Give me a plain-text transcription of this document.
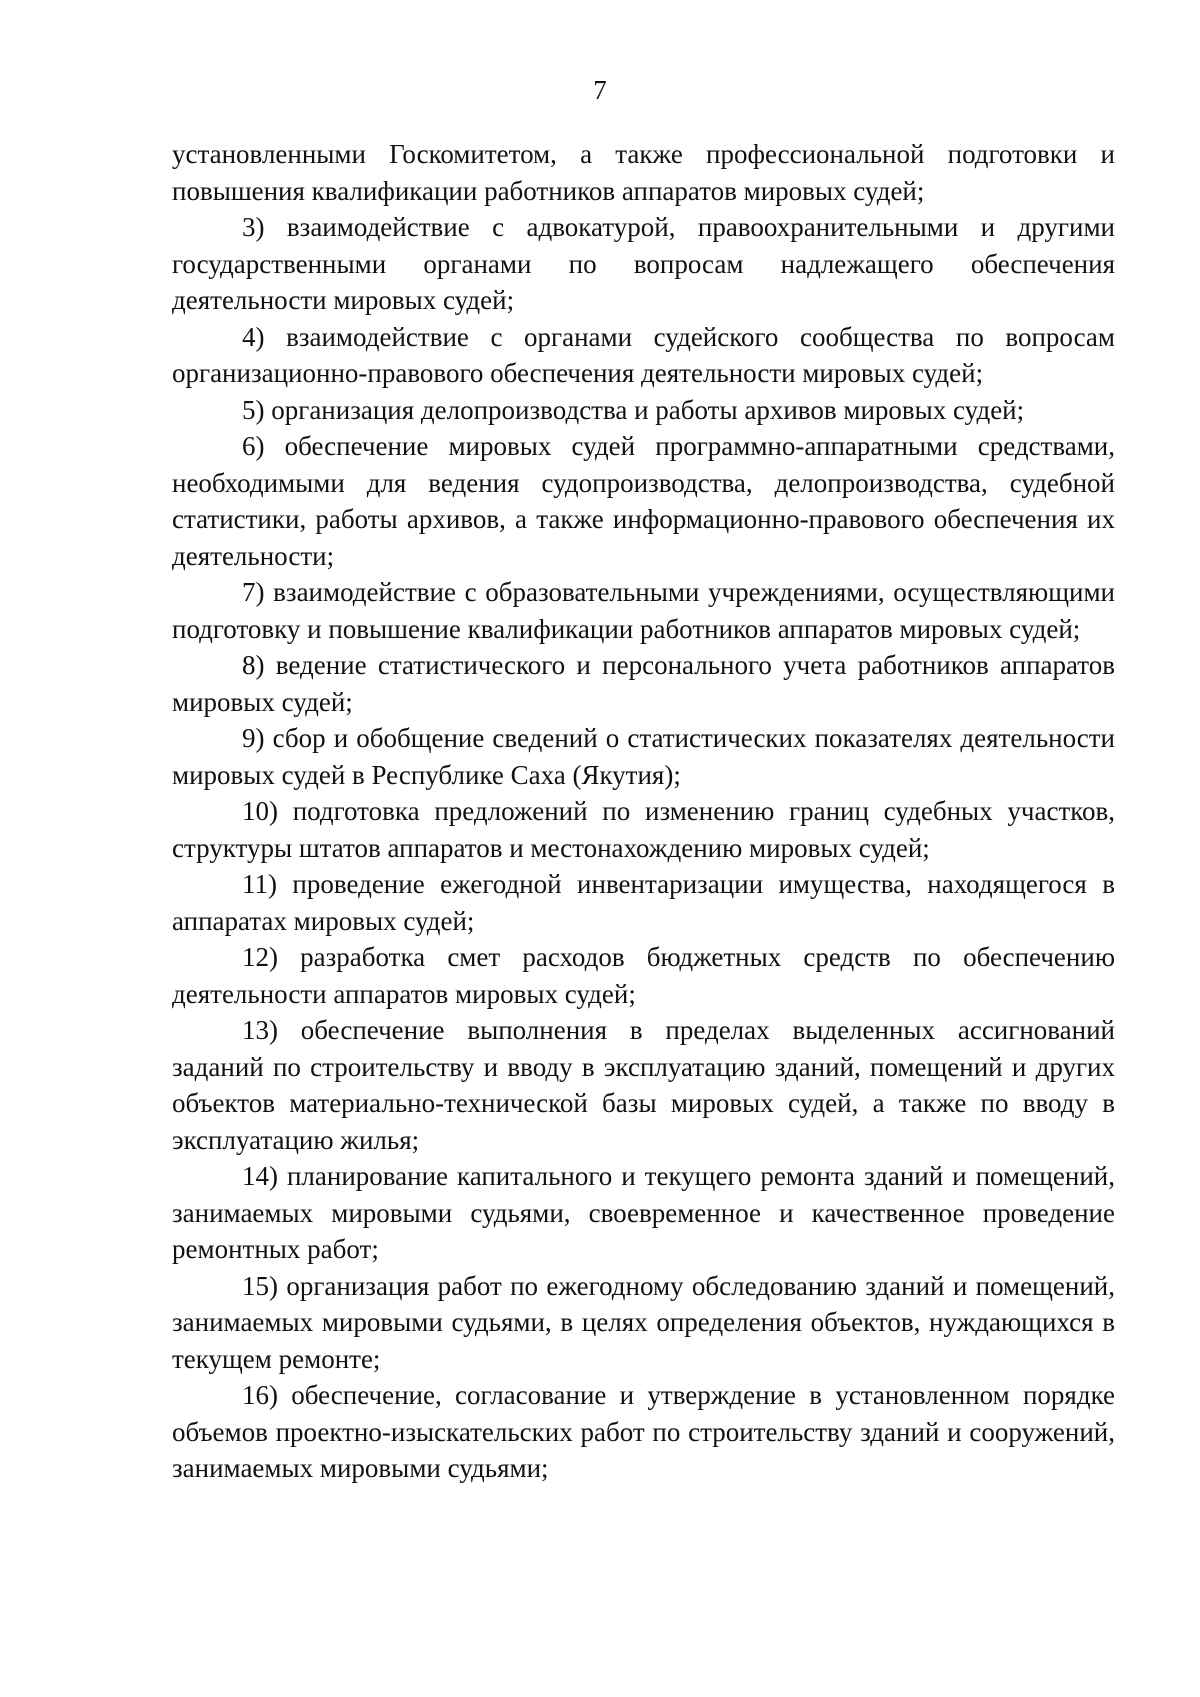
7

установленными Госкомитетом, а также профессиональной подготовки и повышения квалификации работников аппаратов мировых судей;

3) взаимодействие с адвокатурой, правоохранительными и другими государственными органами по вопросам надлежащего обеспечения деятельности мировых судей;

4) взаимодействие с органами судейского сообщества по вопросам организационно-правового обеспечения деятельности мировых судей;

5) организация делопроизводства и работы архивов мировых судей;

6) обеспечение мировых судей программно-аппаратными средствами, необходимыми для ведения судопроизводства, делопроизводства, судебной статистики, работы архивов, а также информационно-правового обеспечения их деятельности;

7) взаимодействие с образовательными учреждениями, осуществляющими подготовку и повышение квалификации работников аппаратов мировых судей;

8) ведение статистического и персонального учета работников аппаратов мировых судей;

9) сбор и обобщение сведений о статистических показателях деятельности мировых судей в Республике Саха (Якутия);

10) подготовка предложений по изменению границ судебных участков, структуры штатов аппаратов и местонахождению мировых судей;

11) проведение ежегодной инвентаризации имущества, находящегося в аппаратах мировых судей;

12) разработка смет расходов бюджетных средств по обеспечению деятельности аппаратов мировых судей;

13) обеспечение выполнения в пределах выделенных ассигнований заданий по строительству и вводу в эксплуатацию зданий, помещений и других объектов материально-технической базы мировых судей, а также по вводу в эксплуатацию жилья;

14) планирование капитального и текущего ремонта зданий и помещений, занимаемых мировыми судьями, своевременное и качественное проведение ремонтных работ;

15) организация работ по ежегодному обследованию зданий и помещений, занимаемых мировыми судьями, в целях определения объектов, нуждающихся в текущем ремонте;

16) обеспечение, согласование и утверждение в установленном порядке объемов проектно-изыскательских работ по строительству зданий и сооружений, занимаемых мировыми судьями;
